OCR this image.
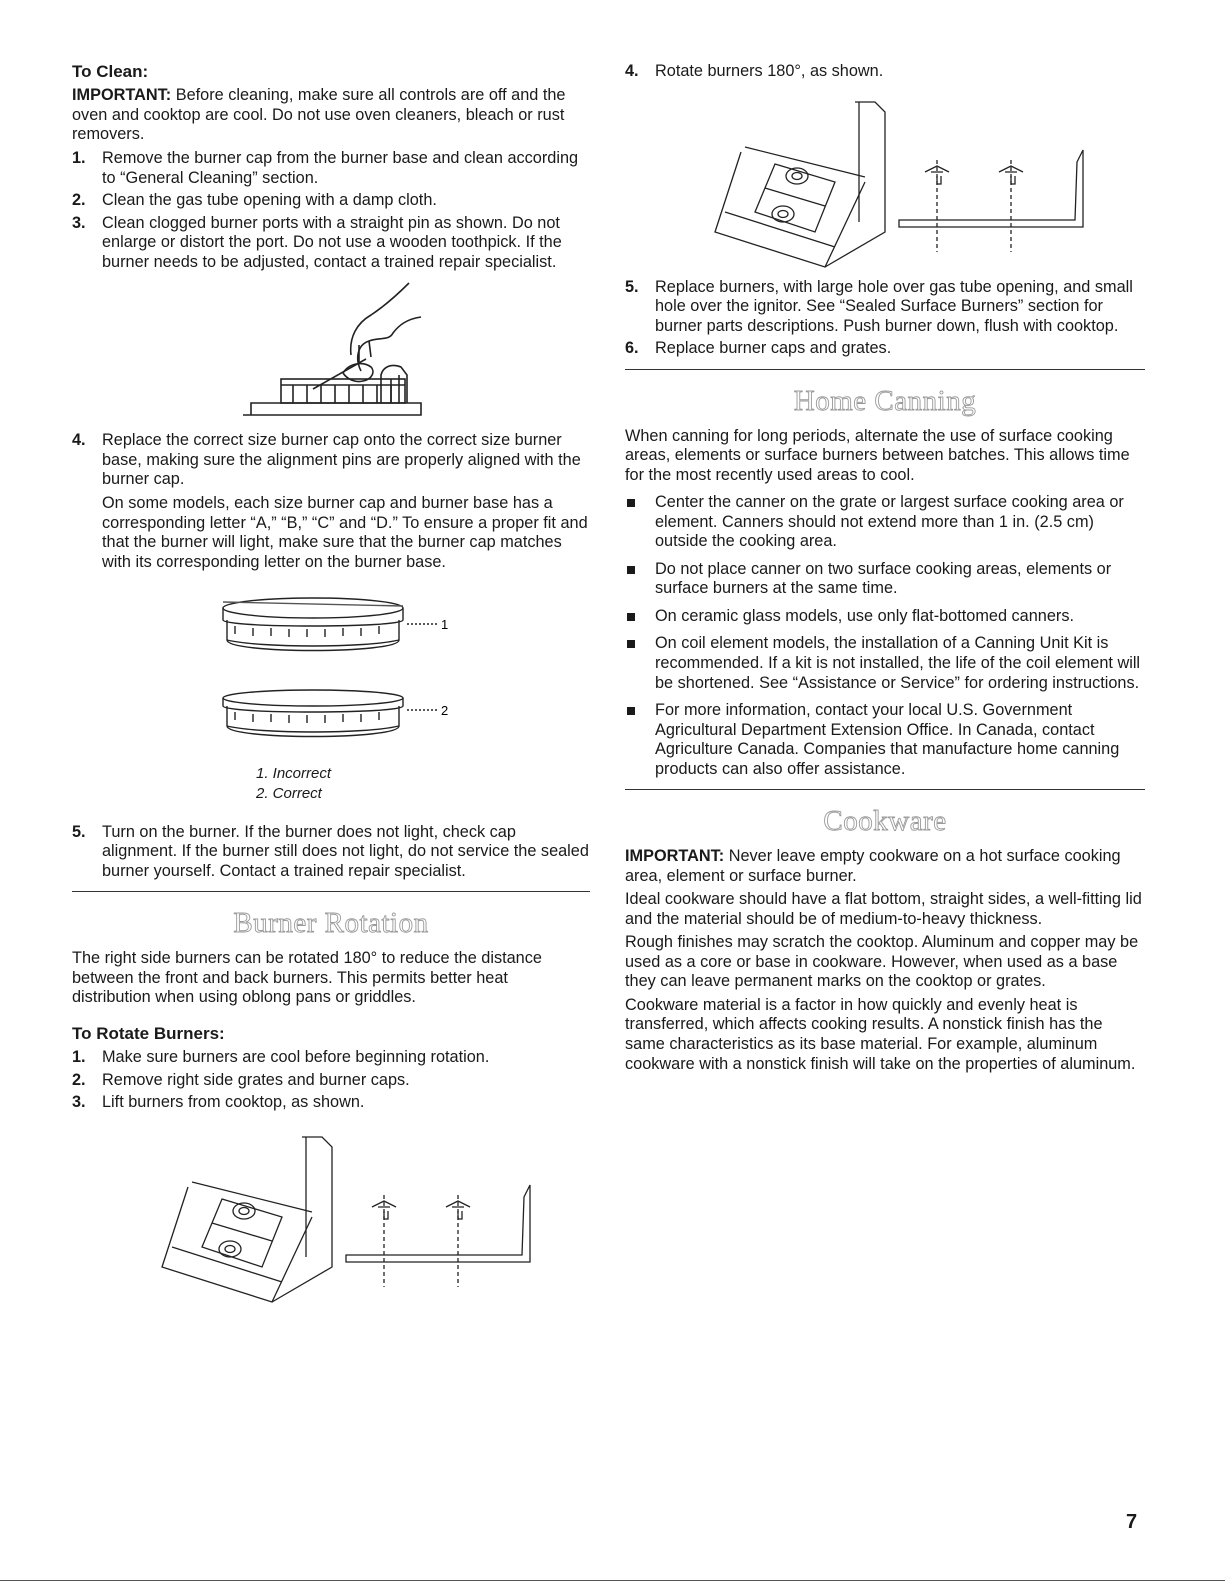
To Clean:

IMPORTANT: Before cleaning, make sure all controls are off and the oven and cooktop are cool. Do not use oven cleaners, bleach or rust removers.

1. Remove the burner cap from the burner base and clean according to “General Cleaning” section.
2. Clean the gas tube opening with a damp cloth.
3. Clean clogged burner ports with a straight pin as shown. Do not enlarge or distort the port. Do not use a wooden toothpick. If the burner needs to be adjusted, contact a trained repair specialist.
4. Replace the correct size burner cap onto the correct size burner base, making sure the alignment pins are properly aligned with the burner cap.

On some models, each size burner cap and burner base has a corresponding letter “A,” “B,” “C” and “D.” To ensure a proper fit and that the burner will light, make sure that the burner cap matches with its corresponding letter on the burner base.

1
2
1. Incorrect
2. Correct
5. Turn on the burner. If the burner does not light, check cap alignment. If the burner still does not light, do not service the sealed burner yourself. Contact a trained repair specialist.
Burner Rotation

The right side burners can be rotated 180° to reduce the distance between the front and back burners. This permits better heat distribution when using oblong pans or griddles.

To Rotate Burners:
1. Make sure burners are cool before beginning rotation.
2. Remove right side grates and burner caps.
3. Lift burners from cooktop, as shown.
4. Rotate burners 180°, as shown.
5. Replace burners, with large hole over gas tube opening, and small hole over the ignitor. See “Sealed Surface Burners” section for burner parts descriptions. Push burner down, flush with cooktop.
6. Replace burner caps and grates.
Home Canning

When canning for long periods, alternate the use of surface cooking areas, elements or surface burners between batches. This allows time for the most recently used areas to cool.

Center the canner on the grate or largest surface cooking area or element. Canners should not extend more than 1 in. (2.5 cm) outside the cooking area.
Do not place canner on two surface cooking areas, elements or surface burners at the same time.
On ceramic glass models, use only flat-bottomed canners.
On coil element models, the installation of a Canning Unit Kit is recommended. If a kit is not installed, the life of the coil element will be shortened. See “Assistance or Service” for ordering instructions.
For more information, contact your local U.S. Government Agricultural Department Extension Office. In Canada, contact Agriculture Canada. Companies that manufacture home canning products can also offer assistance.
Cookware

IMPORTANT: Never leave empty cookware on a hot surface cooking area, element or surface burner.

Ideal cookware should have a flat bottom, straight sides, a well-fitting lid and the material should be of medium-to-heavy thickness.

Rough finishes may scratch the cooktop. Aluminum and copper may be used as a core or base in cookware. However, when used as a base they can leave permanent marks on the cooktop or grates.

Cookware material is a factor in how quickly and evenly heat is transferred, which affects cooking results. A nonstick finish has the same characteristics as its base material. For example, aluminum cookware with a nonstick finish will take on the properties of aluminum.

7
